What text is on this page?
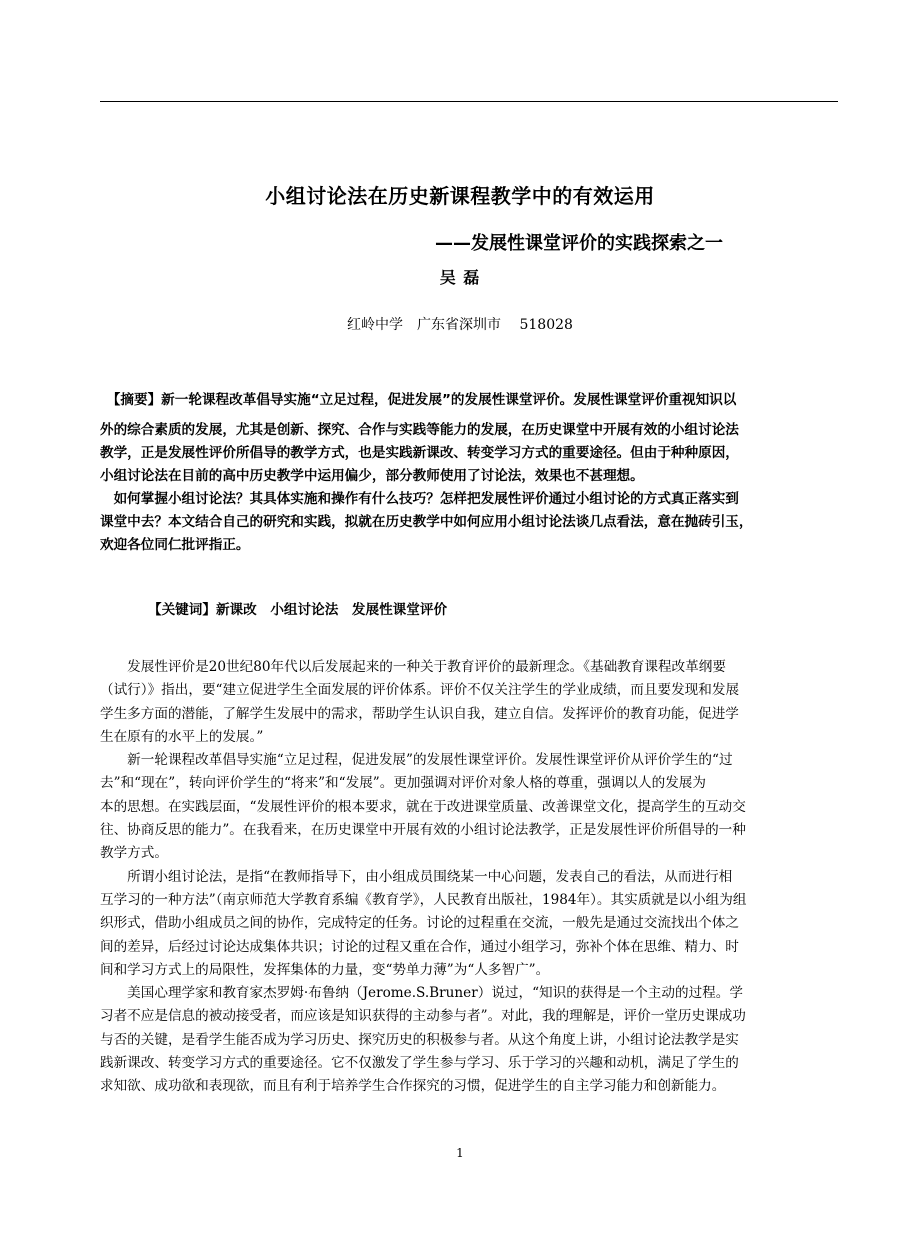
小组讨论法在历史新课程教学中的有效运用
——发展性课堂评价的实践探索之一
吴 磊
红岭中学　广东省深圳市　 518028
　【摘要】新一轮课程改革倡导实施“立足过程，促进发展”的发展性课堂评价。发展性课堂评价重视知识以
外的综合素质的发展，尤其是创新、探究、合作与实践等能力的发展，在历史课堂中开展有效的小组讨论法
教学，正是发展性评价所倡导的教学方式，也是实践新课改、转变学习方式的重要途径。但由于种种原因，
小组讨论法在目前的高中历史教学中运用偏少，部分教师使用了讨论法，效果也不甚理想。
　如何掌握小组讨论法？其具体实施和操作有什么技巧？怎样把发展性评价通过小组讨论的方式真正落实到
课堂中去？本文结合自己的研究和实践，拟就在历史教学中如何应用小组讨论法谈几点看法，意在抛砖引玉，
欢迎各位同仁批评指正。
【关键词】新课改　小组讨论法　发展性课堂评价
　　发展性评价是20世纪80年代以后发展起来的一种关于教育评价的最新理念。《基础教育课程改革纲要
（试行）》指出，要“建立促进学生全面发展的评价体系。评价不仅关注学生的学业成绩，而且要发现和发展
学生多方面的潜能，了解学生发展中的需求，帮助学生认识自我，建立自信。发挥评价的教育功能，促进学
生在原有的水平上的发展。”
　　新一轮课程改革倡导实施“立足过程，促进发展”的发展性课堂评价。发展性课堂评价从评价学生的“过
去”和“现在”，转向评价学生的“将来”和“发展”。更加强调对评价对象人格的尊重，强调以人的发展为
本的思想。在实践层面，“发展性评价的根本要求，就在于改进课堂质量、改善课堂文化，提高学生的互动交
往、协商反思的能力”。在我看来，在历史课堂中开展有效的小组讨论法教学，正是发展性评价所倡导的一种
教学方式。
　　所谓小组讨论法，是指“在教师指导下，由小组成员围绕某一中心问题，发表自己的看法，从而进行相
互学习的一种方法”（南京师范大学教育系编《教育学》，人民教育出版社，1984年）。其实质就是以小组为组
织形式，借助小组成员之间的协作，完成特定的任务。讨论的过程重在交流，一般先是通过交流找出个体之
间的差异，后经过讨论达成集体共识；讨论的过程又重在合作，通过小组学习，弥补个体在思维、精力、时
间和学习方式上的局限性，发挥集体的力量，变“势单力薄”为“人多智广”。
　　美国心理学家和教育家杰罗姆·布鲁纳（Jerome.S.Bruner）说过，“知识的获得是一个主动的过程。学
习者不应是信息的被动接受者，而应该是知识获得的主动参与者”。对此，我的理解是，评价一堂历史课成功
与否的关键，是看学生能否成为学习历史、探究历史的积极参与者。从这个角度上讲，小组讨论法教学是实
践新课改、转变学习方式的重要途径。它不仅激发了学生参与学习、乐于学习的兴趣和动机，满足了学生的
求知欲、成功欲和表现欲，而且有利于培养学生合作探究的习惯，促进学生的自主学习能力和创新能力。
1
